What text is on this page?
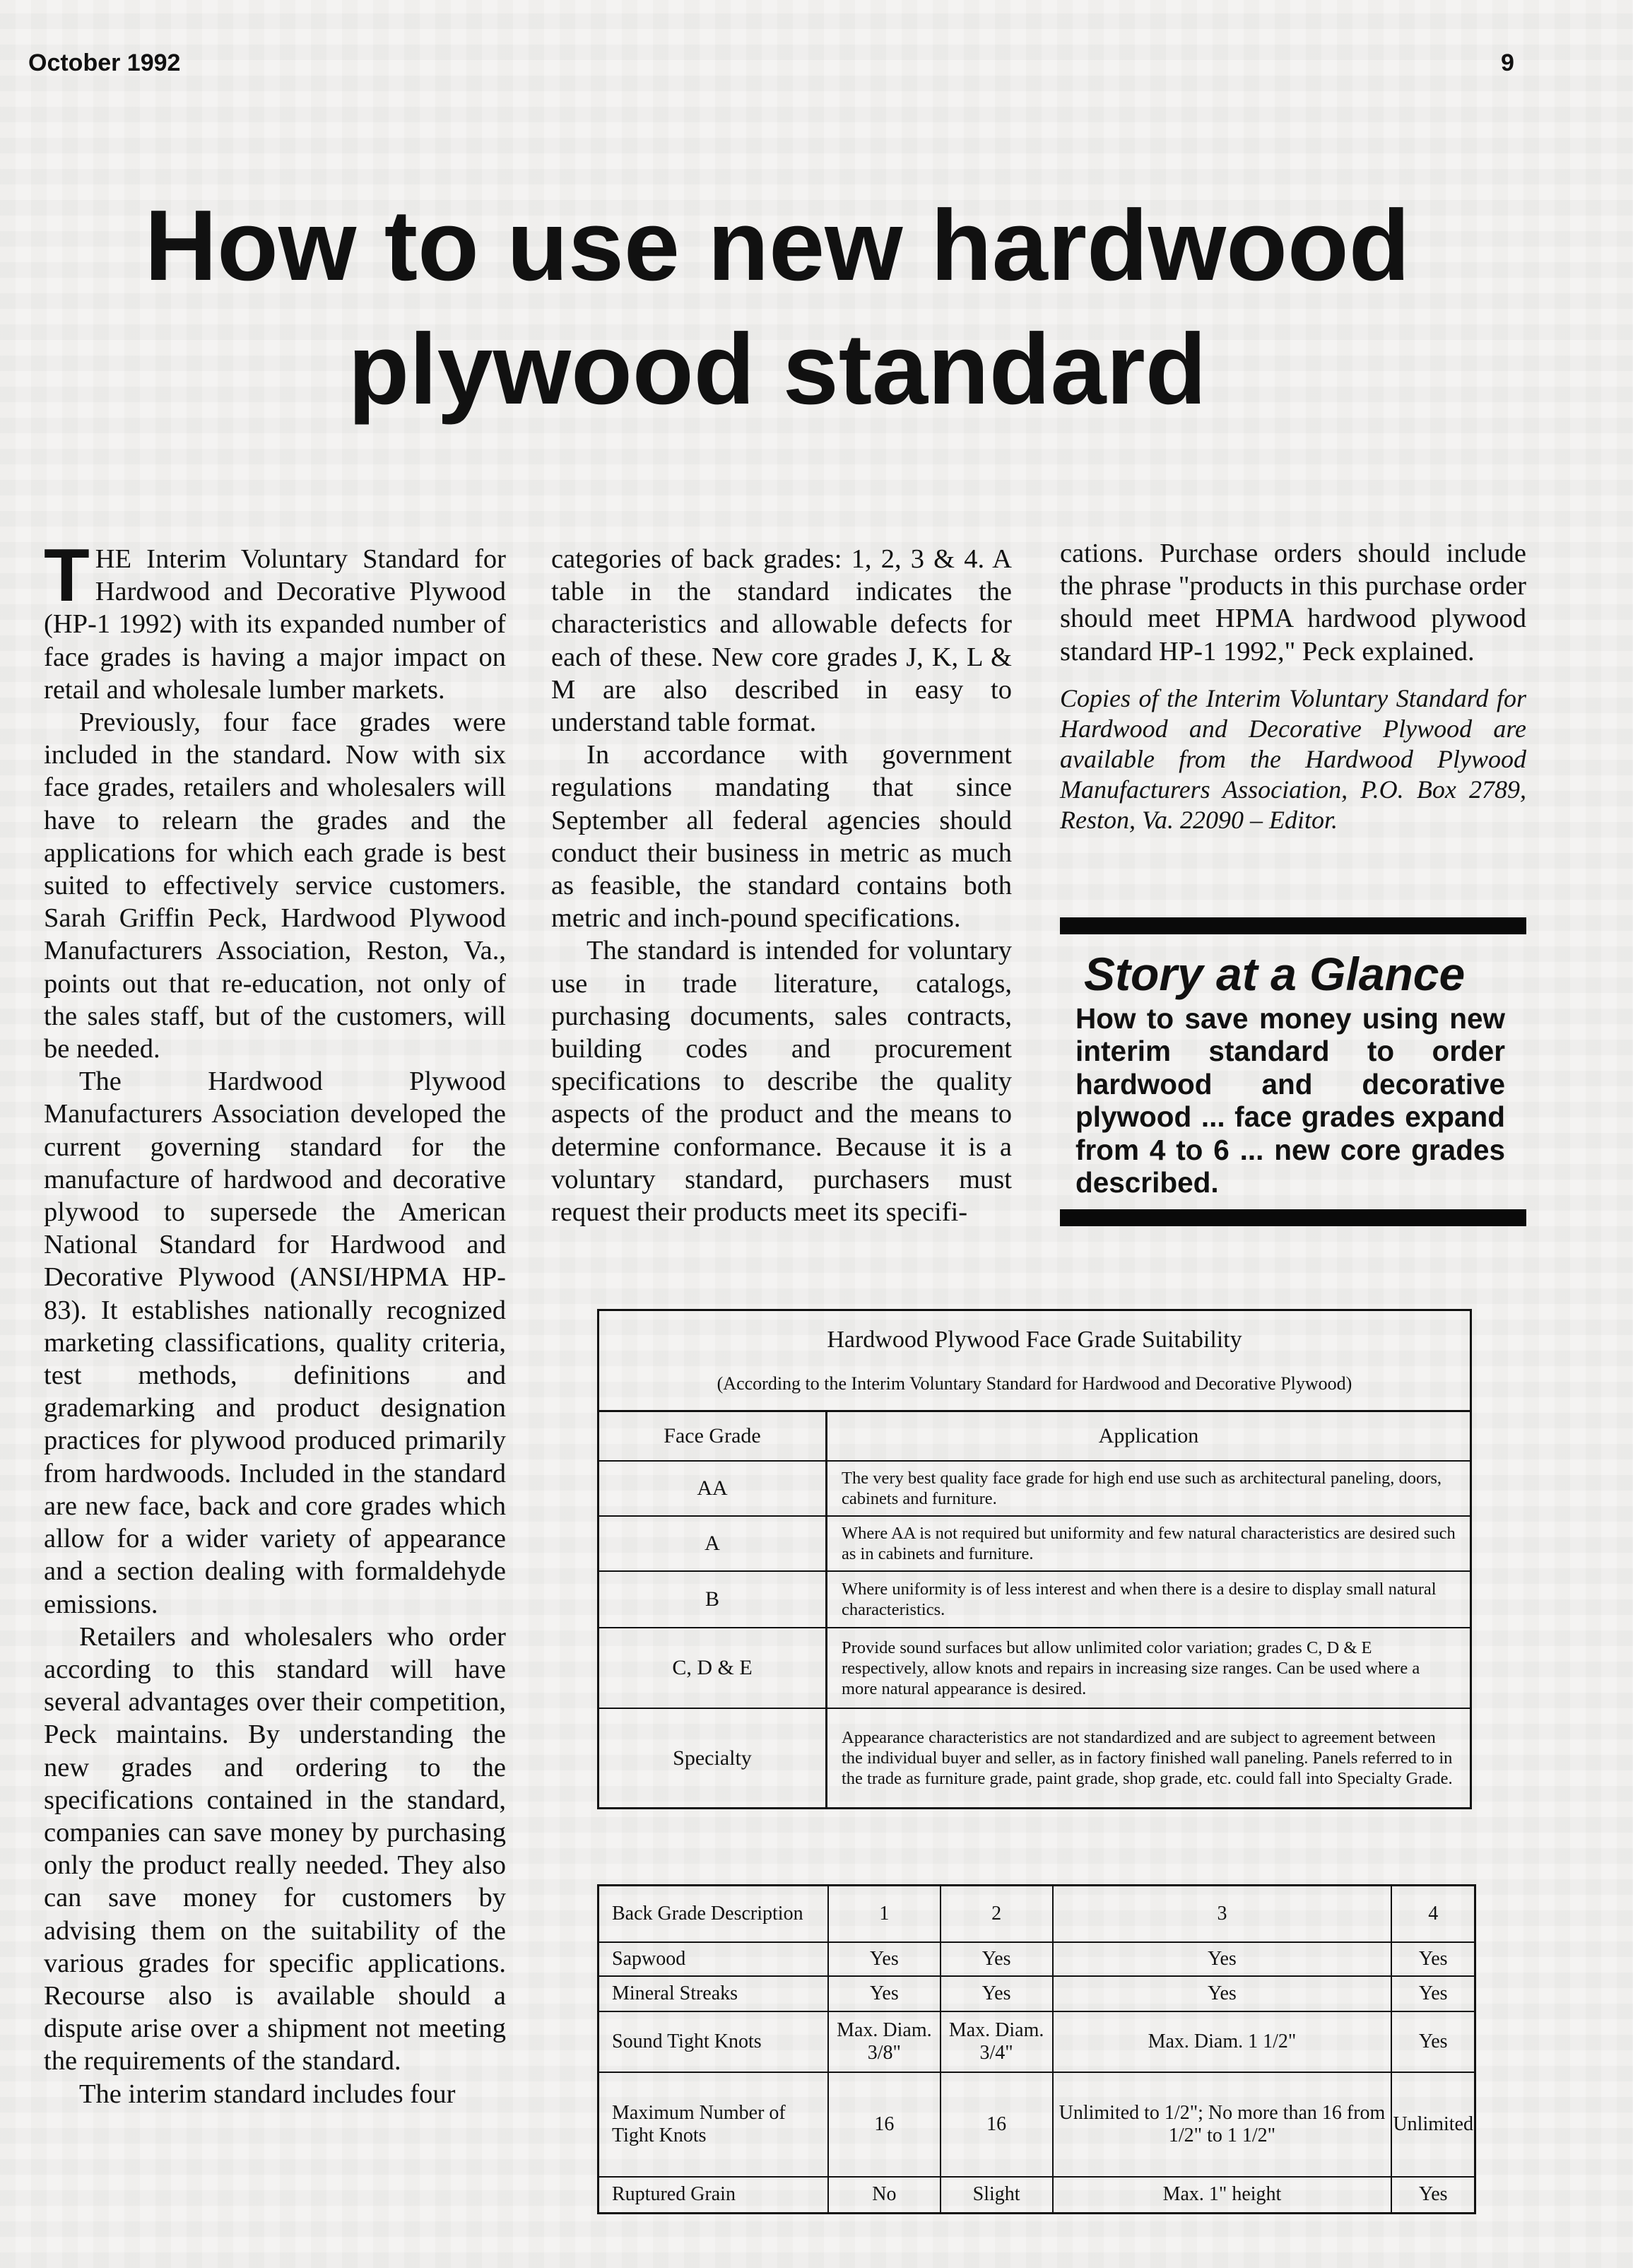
October 1992	9
How to use new hardwood
plywood standard

THE Interim Voluntary Standard for Hardwood and Decorative Plywood (HP-1 1992) with its expanded number of face grades is having a major impact on retail and wholesale lumber markets.

Previously, four face grades were included in the standard. Now with six face grades, retailers and wholesalers will have to relearn the grades and the applications for which each grade is best suited to effectively service customers. Sarah Griffin Peck, Hardwood Plywood Manufacturers Association, Reston, Va., points out that re-education, not only of the sales staff, but of the customers, will be needed.

The Hardwood Plywood Manufacturers Association developed the current governing standard for the manufacture of hardwood and decorative plywood to supersede the American National Standard for Hardwood and Decorative Plywood (ANSI/HPMA HP-83). It establishes nationally recognized marketing classifications, quality criteria, test methods, definitions and grademarking and product designation practices for plywood produced primarily from hardwoods. Included in the standard are new face, back and core grades which allow for a wider variety of appearance and a section dealing with formaldehyde emissions.

Retailers and wholesalers who order according to this standard will have several advantages over their competition, Peck maintains. By understanding the new grades and ordering to the specifications contained in the standard, companies can save money by purchasing only the product really needed. They also can save money for customers by advising them on the suitability of the various grades for specific applications. Recourse also is available should a dispute arise over a shipment not meeting the requirements of the standard.

The interim standard includes four

categories of back grades: 1, 2, 3 & 4. A table in the standard indicates the characteristics and allowable defects for each of these. New core grades J, K, L & M are also described in easy to understand table format.

In accordance with government regulations mandating that since September all federal agencies should conduct their business in metric as much as feasible, the standard contains both metric and inch-pound specifications.

The standard is intended for voluntary use in trade literature, catalogs, purchasing documents, sales contracts, building codes and procurement specifications to describe the quality aspects of the product and the means to determine conformance. Because it is a voluntary standard, purchasers must request their products meet its specifi-

cations. Purchase orders should include the phrase "products in this purchase order should meet HPMA hardwood plywood standard HP-1 1992," Peck explained.

Copies of the Interim Voluntary Standard for Hardwood and Decorative Plywood are available from the Hardwood Plywood Manufacturers Association, P.O. Box 2789, Reston, Va. 22090 – Editor.

Story at a Glance
How to save money using new interim standard to order hardwood and decorative plywood ... face grades expand from 4 to 6 ... new core grades described.
Hardwood Plywood Face Grade Suitability
(According to the Interim Voluntary Standard for Hardwood and Decorative Plywood)
Face Grade	Application
AA	The very best quality face grade for high end use such as architectural paneling, doors, cabinets and furniture.
A	Where AA is not required but uniformity and few natural characteristics are desired such as in cabinets and furniture.
B	Where uniformity is of less interest and when there is a desire to display small natural characteristics.
C, D & E	Provide sound surfaces but allow unlimited color variation; grades C, D & E respectively, allow knots and repairs in increasing size ranges. Can be used where a more natural appearance is desired.
Specialty	Appearance characteristics are not standardized and are subject to agreement between the individual buyer and seller, as in factory finished wall paneling. Panels referred to in the trade as furniture grade, paint grade, shop grade, etc. could fall into Specialty Grade.
Back Grade Description	1	2	3	4
Sapwood	Yes	Yes	Yes	Yes
Mineral Streaks	Yes	Yes	Yes	Yes
Sound Tight Knots	Max. Diam. 3/8"	Max. Diam. 3/4"	Max. Diam. 1 1/2"	Yes
Maximum Number of Tight Knots	16	16	Unlimited to 1/2"; No more than 16 from 1/2" to 1 1/2"	Unlimited
Ruptured Grain	No	Slight	Max. 1" height	Yes
